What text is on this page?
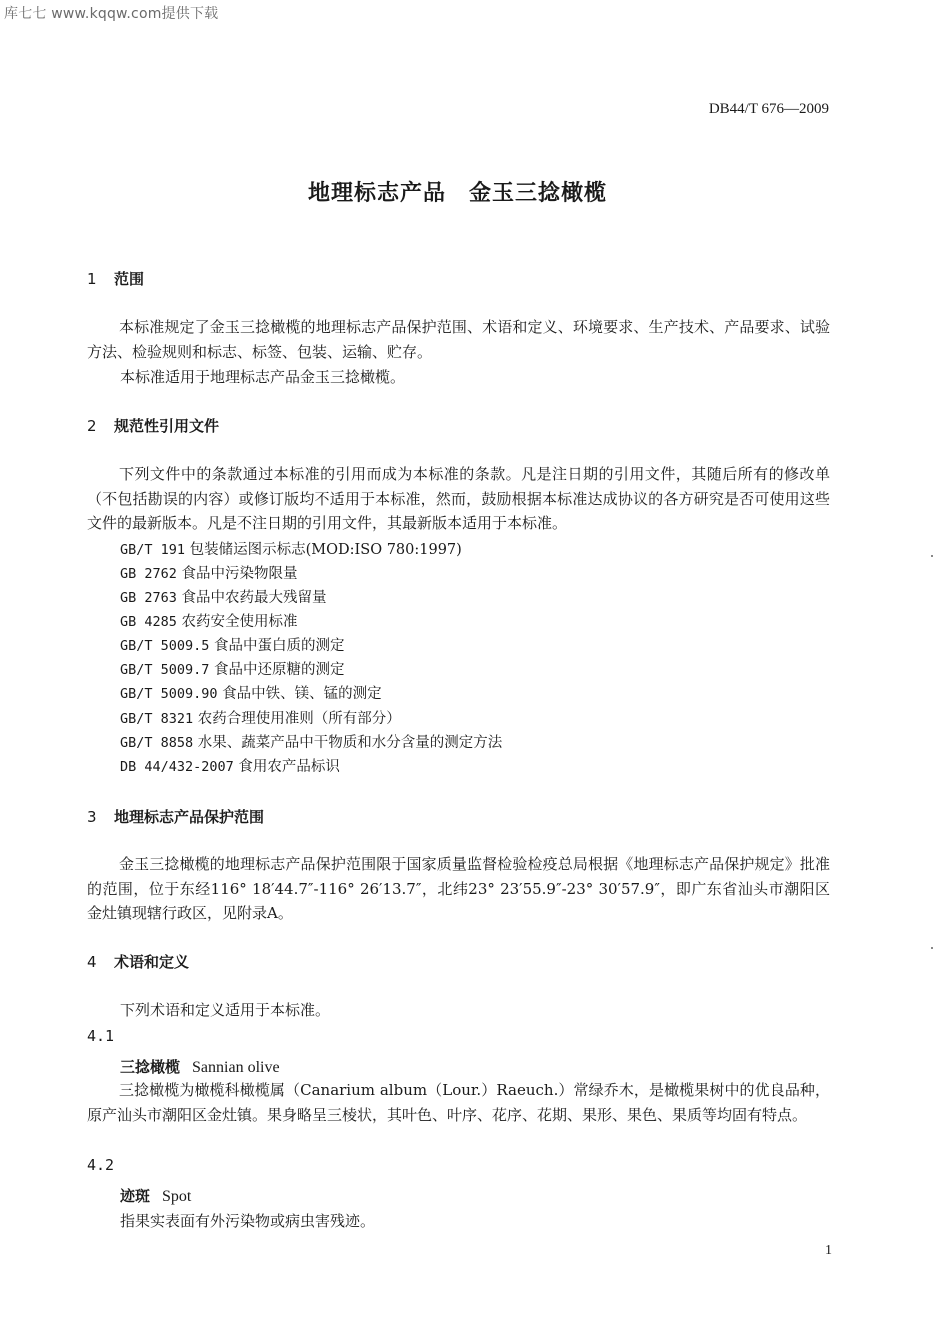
库七七 www.kqqw.com提供下载
DB44/T 676—2009
地理标志产品　金玉三捻橄榄
1 范围
本标准规定了金玉三捻橄榄的地理标志产品保护范围、术语和定义、环境要求、生产技术、产品要求、试验方法、检验规则和标志、标签、包装、运输、贮存。
本标准适用于地理标志产品金玉三捻橄榄。
2 规范性引用文件
下列文件中的条款通过本标准的引用而成为本标准的条款。凡是注日期的引用文件，其随后所有的修改单（不包括勘误的内容）或修订版均不适用于本标准，然而，鼓励根据本标准达成协议的各方研究是否可使用这些文件的最新版本。凡是不注日期的引用文件，其最新版本适用于本标准。
GB/T 191 包装储运图示标志(MOD:ISO 780:1997)
GB 2762 食品中污染物限量
GB 2763 食品中农药最大残留量
GB 4285 农药安全使用标准
GB/T 5009.5 食品中蛋白质的测定
GB/T 5009.7 食品中还原糖的测定
GB/T 5009.90 食品中铁、镁、锰的测定
GB/T 8321 农药合理使用准则（所有部分）
GB/T 8858 水果、蔬菜产品中干物质和水分含量的测定方法
DB 44/432-2007 食用农产品标识
3 地理标志产品保护范围
金玉三捻橄榄的地理标志产品保护范围限于国家质量监督检验检疫总局根据《地理标志产品保护规定》批准的范围，位于东经116° 18′44.7″-116° 26′13.7″，北纬23° 23′55.9″-23° 30′57.9″，即广东省汕头市潮阳区金灶镇现辖行政区，见附录A。
4 术语和定义
下列术语和定义适用于本标准。
4.1
三捻橄榄 Sannian olive
三捻橄榄为橄榄科橄榄属（Canarium album（Lour.）Raeuch.）常绿乔木，是橄榄果树中的优良品种，原产汕头市潮阳区金灶镇。果身略呈三棱状，其叶色、叶序、花序、花期、果形、果色、果质等均固有特点。
4.2
迹斑 Spot
指果实表面有外污染物或病虫害残迹。
1
